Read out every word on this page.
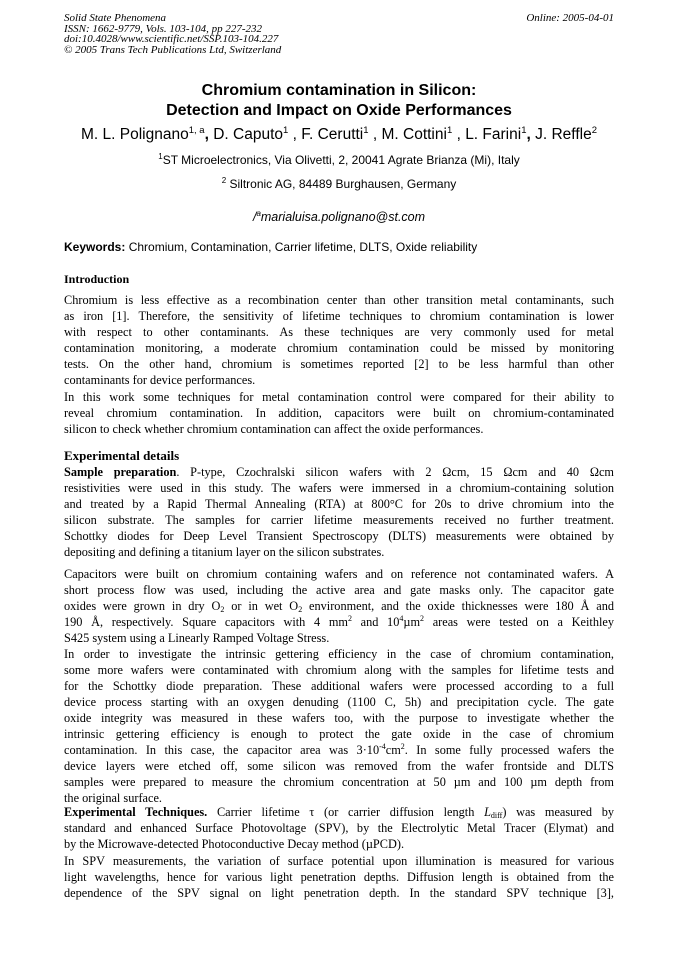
Solid State Phenomena
ISSN: 1662-9779, Vols. 103-104, pp 227-232
doi:10.4028/www.scientific.net/SSP.103-104.227
© 2005 Trans Tech Publications Ltd, Switzerland
Online: 2005-04-01
Chromium contamination in Silicon:
Detection and Impact on Oxide Performances
M. L. Polignano$^{1, a}$, D. Caputo$^1$ , F. Cerutti$^1$ , M. Cottini$^1$ , L. Farini$^1$, J. Reffle$^2$
$^1$ST Microelectronics, Via Olivetti, 2, 20041 Agrate Brianza (Mi), Italy
$^2$ Siltronic AG, 84489 Burghausen, Germany
/$^a$marialuisa.polignano@st.com
Keywords: Chromium, Contamination, Carrier lifetime, DLTS, Oxide reliability
Introduction
Chromium is less effective as a recombination center than other transition metal contaminants, such
as iron [1]. Therefore, the sensitivity of lifetime techniques to chromium contamination is lower
with respect to other contaminants. As these techniques are very commonly used for metal
contamination monitoring, a moderate chromium contamination could be missed by monitoring
tests. On the other hand, chromium is sometimes reported [2] to be less harmful than other
contaminants for device performances.
In this work some techniques for metal contamination control were compared for their ability to
reveal chromium contamination. In addition, capacitors were built on chromium-contaminated
silicon to check whether chromium contamination can affect the oxide performances.
Experimental details
Sample preparation. P-type, Czochralski silicon wafers with 2 Ωcm, 15 Ωcm and 40 Ωcm
resistivities were used in this study. The wafers were immersed in a chromium-containing solution
and treated by a Rapid Thermal Annealing (RTA) at 800°C for 20s to drive chromium into the
silicon substrate. The samples for carrier lifetime measurements received no further treatment.
Schottky diodes for Deep Level Transient Spectroscopy (DLTS) measurements were obtained by
depositing and defining a titanium layer on the silicon substrates.
Capacitors were built on chromium containing wafers and on reference not contaminated wafers. A
short process flow was used, including the active area and gate masks only. The capacitor gate
oxides were grown in dry $O_2$ or in wet $O_2$ environment, and the oxide thicknesses were 180 Å and
190 Å, respectively. Square capacitors with 4 $mm^2$ and $10^4\mu m^2$ areas were tested on a Keithley
S425 system using a Linearly Ramped Voltage Stress.
In order to investigate the intrinsic gettering efficiency in the case of chromium contamination,
some more wafers were contaminated with chromium along with the samples for lifetime tests and
for the Schottky diode preparation. These additional wafers were processed according to a full
device process starting with an oxygen denuding (1100 C, 5h) and precipitation cycle. The gate
oxide integrity was measured in these wafers too, with the purpose to investigate whether the
intrinsic gettering efficiency is enough to protect the gate oxide in the case of chromium
contamination. In this case, the capacitor area was $3\cdot 10^{-4}cm^2$. In some fully processed wafers the
device layers were etched off, some silicon was removed from the wafer frontside and DLTS
samples were prepared to measure the chromium concentration at 50 µm and 100 µm depth from
the original surface.
Experimental Techniques. Carrier lifetime τ (or carrier diffusion length $L_{diff}$) was measured by
standard and enhanced Surface Photovoltage (SPV), by the Electrolytic Metal Tracer (Elymat) and
by the Microwave-detected Photoconductive Decay method (µPCD).
In SPV measurements, the variation of surface potential upon illumination is measured for various
light wavelengths, hence for various light penetration depths. Diffusion length is obtained from the
dependence of the SPV signal on light penetration depth. In the standard SPV technique [3],
